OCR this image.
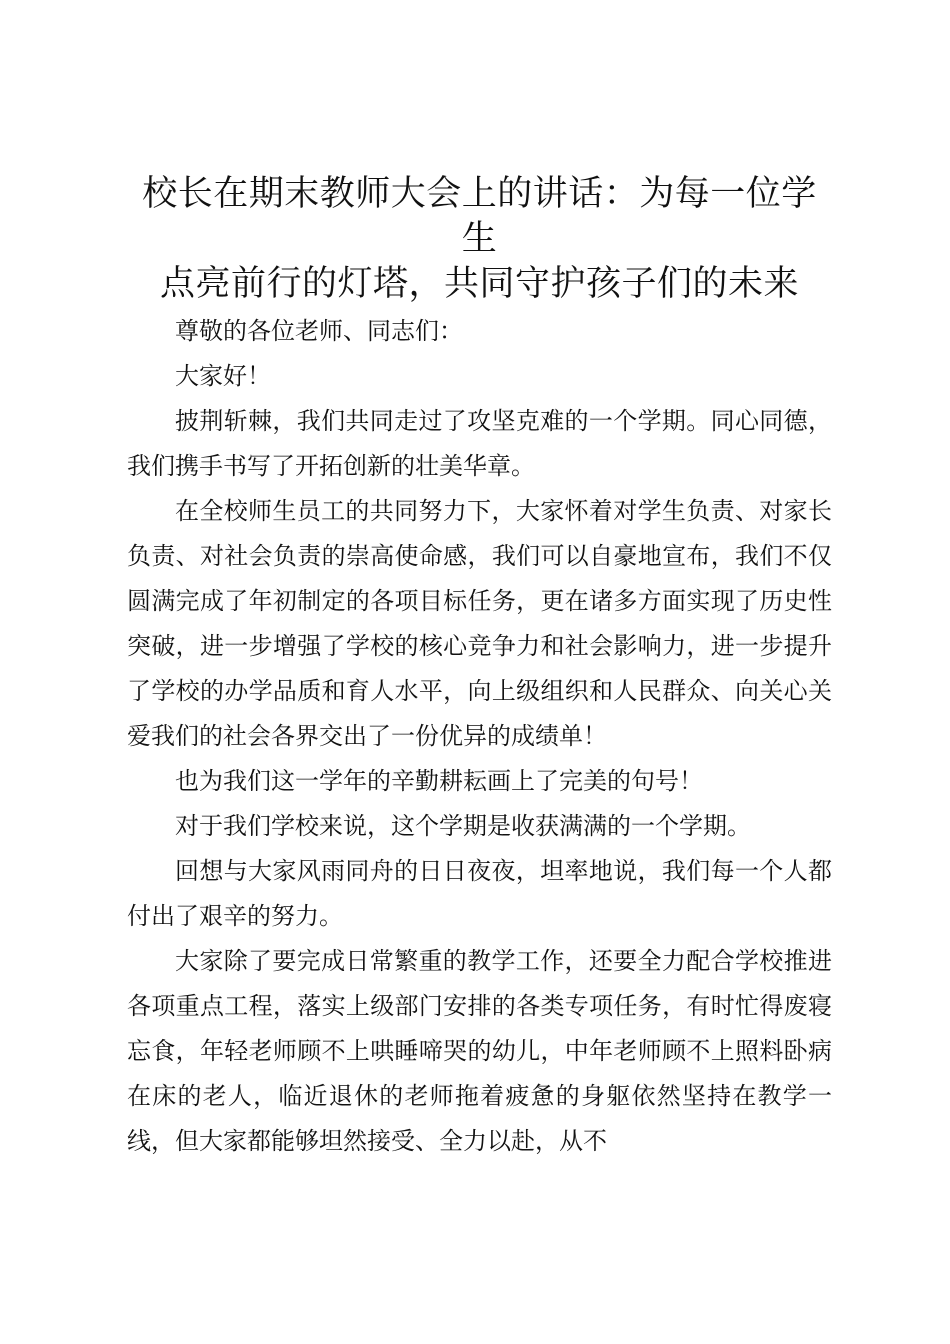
校长在期末教师大会上的讲话：为每一位学生
点亮前行的灯塔，共同守护孩子们的未来

尊敬的各位老师、同志们：

大家好！

披荆斩棘，我们共同走过了攻坚克难的一个学期。同心同德，我们携手书写了开拓创新的壮美华章。

在全校师生员工的共同努力下，大家怀着对学生负责、对家长负责、对社会负责的崇高使命感，我们可以自豪地宣布，我们不仅圆满完成了年初制定的各项目标任务，更在诸多方面实现了历史性突破，进一步增强了学校的核心竞争力和社会影响力，进一步提升了学校的办学品质和育人水平，向上级组织和人民群众、向关心关爱我们的社会各界交出了一份优异的成绩单！

也为我们这一学年的辛勤耕耘画上了完美的句号！

对于我们学校来说，这个学期是收获满满的一个学期。

回想与大家风雨同舟的日日夜夜，坦率地说，我们每一个人都付出了艰辛的努力。

大家除了要完成日常繁重的教学工作，还要全力配合学校推进各项重点工程，落实上级部门安排的各类专项任务，有时忙得废寝忘食，年轻老师顾不上哄睡啼哭的幼儿，中年老师顾不上照料卧病在床的老人，临近退休的老师拖着疲惫的身躯依然坚持在教学一线，但大家都能够坦然接受、全力以赴，从不
